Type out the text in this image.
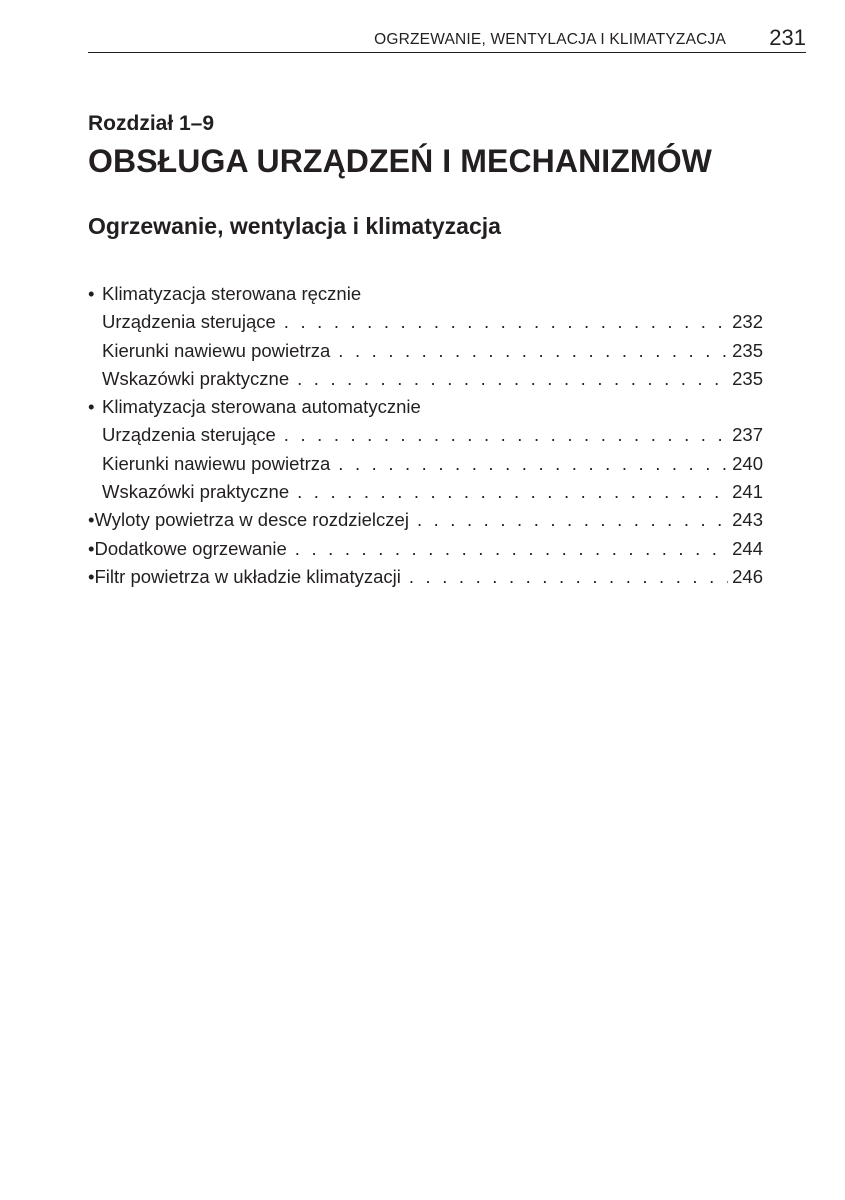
OGRZEWANIE, WENTYLACJA I KLIMATYZACJA 231
Rozdział 1–9
OBSŁUGA URZĄDZEŃ I MECHANIZMÓW
Ogrzewanie, wentylacja i klimatyzacja
• Klimatyzacja sterowana ręcznie
Urządzenia sterujące . . .	232
Kierunki nawiewu powietrza . . .	235
Wskazówki praktyczne . . .	235
• Klimatyzacja sterowana automatycznie
Urządzenia sterujące . . .	237
Kierunki nawiewu powietrza . . .	240
Wskazówki praktyczne . . .	241
• Wyloty powietrza w desce rozdzielczej . . .	243
• Dodatkowe ogrzewanie . . .	244
• Filtr powietrza w układzie klimatyzacji . . .	246
